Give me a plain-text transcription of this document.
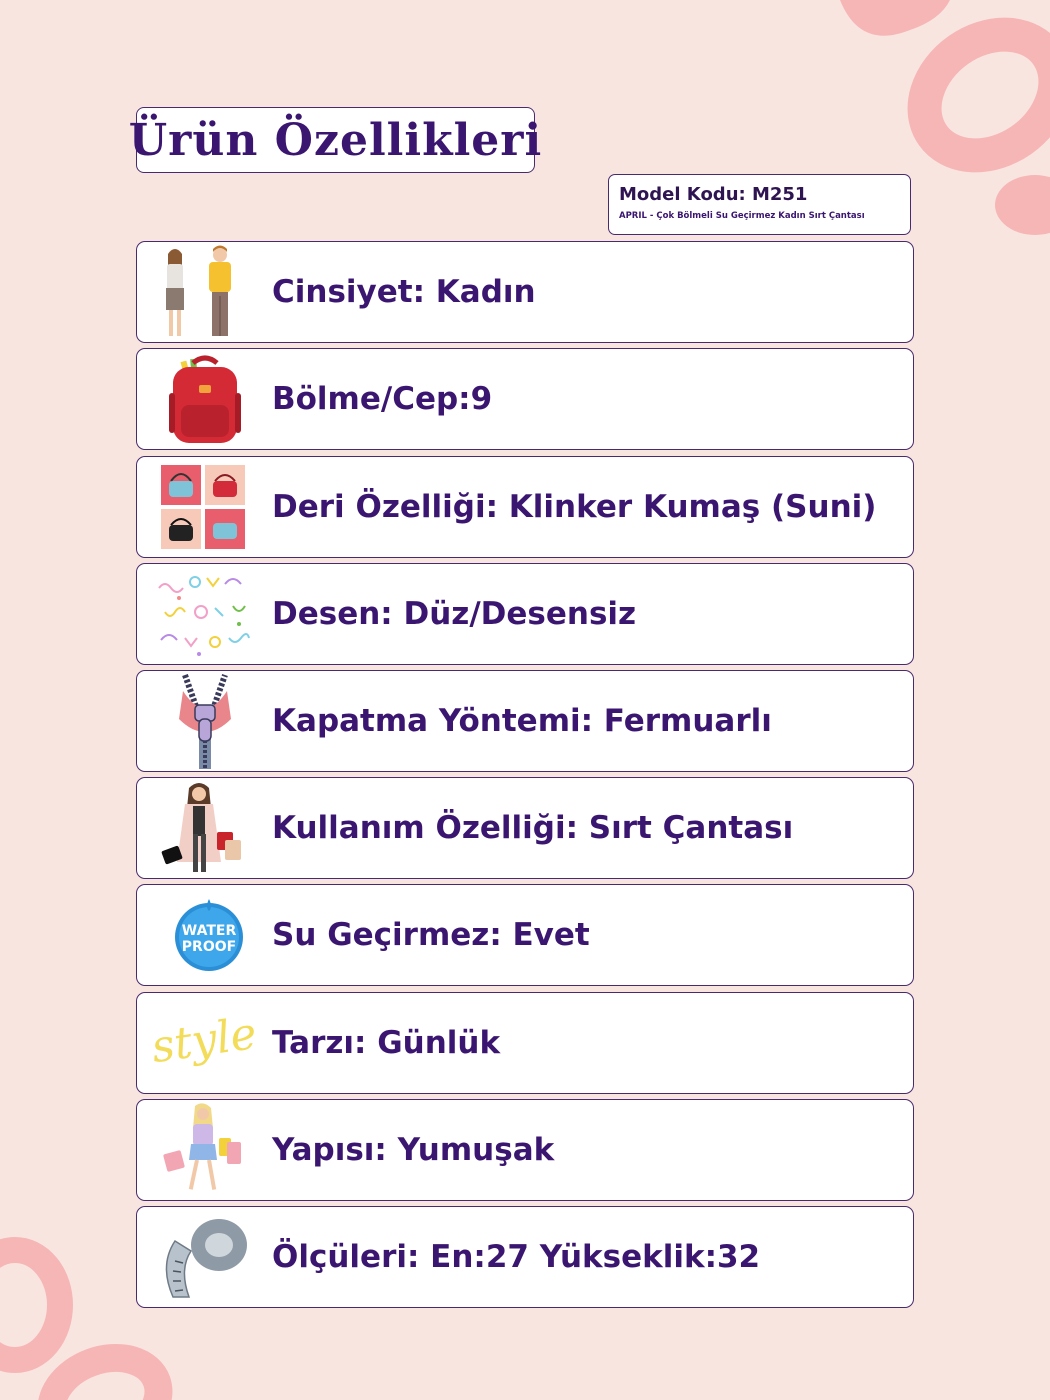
Ürün Özellikleri
Model Kodu: M251
APRIL - Çok Bölmeli Su Geçirmez Kadın Sırt Çantası
Cinsiyet: Kadın
Bölme/Cep:9
Deri Özelliği: Klinker Kumaş (Suni)
Desen: Düz/Desensiz
Kapatma Yöntemi: Fermuarlı
Kullanım Özelliği: Sırt Çantası
WATER
PROOF Su Geçirmez: Evet
style Tarzı: Günlük
Yapısı: Yumuşak
Ölçüleri: En:27 Yükseklik:32
